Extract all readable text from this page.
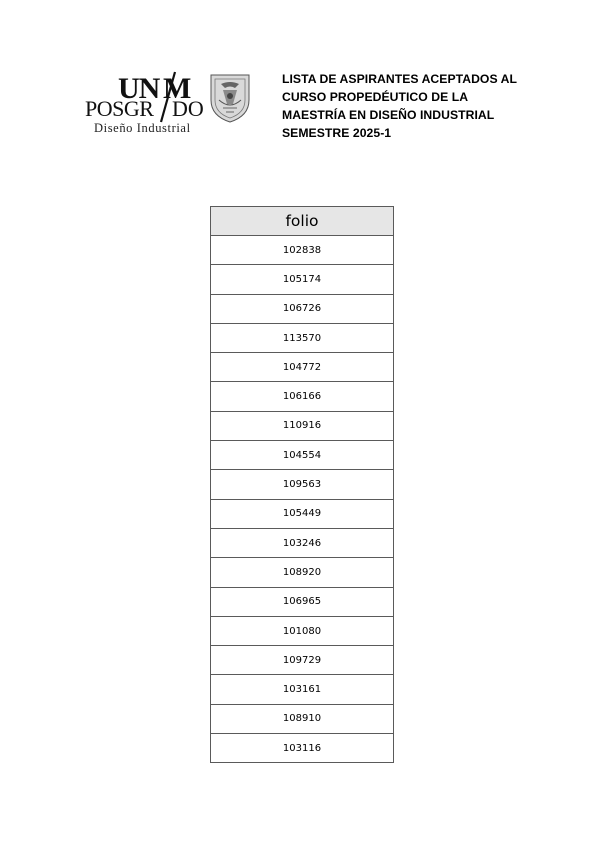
UN M
POSGR DO
Diseño Industrial
LISTA DE ASPIRANTES ACEPTADOS AL
CURSO PROPEDÉUTICO DE LA
MAESTRÍA EN DISEÑO INDUSTRIAL
SEMESTRE 2025-1
folio
102838
105174
106726
113570
104772
106166
110916
104554
109563
105449
103246
108920
106965
101080
109729
103161
108910
103116
